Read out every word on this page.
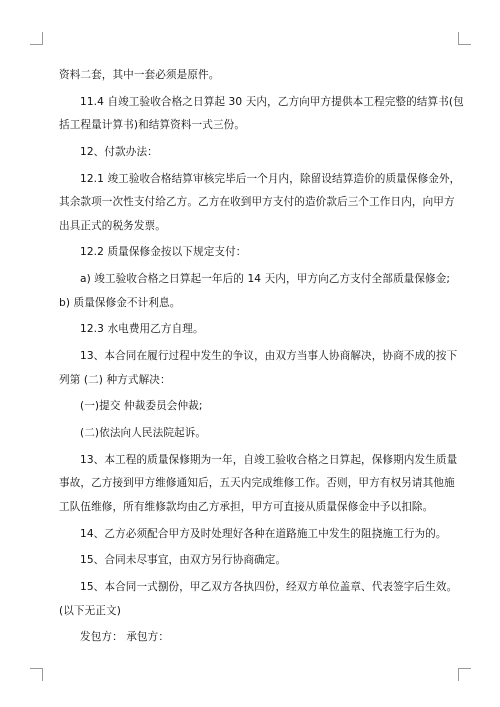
资料二套，其中一套必须是原件。
11.4 自竣工验收合格之日算起 30 天内，乙方向甲方提供本工程完整的结算书(包
括工程量计算书)和结算资料一式三份。
12、付款办法：
12.1 竣工验收合格结算审核完毕后一个月内，除留设结算造价的质量保修金外，
其余款项一次性支付给乙方。乙方在收到甲方支付的造价款后三个工作日内，向甲方
出具正式的税务发票。
12.2 质量保修金按以下规定支付：
a) 竣工验收合格之日算起一年后的 14 天内，甲方向乙方支付全部质量保修金;
b) 质量保修金不计利息。
12.3 水电费用乙方自理。
13、本合同在履行过程中发生的争议，由双方当事人协商解决，协商不成的按下
列第 (二) 种方式解决：
(一)提交 仲裁委员会仲裁;
(二)依法向人民法院起诉。
13、本工程的质量保修期为一年，自竣工验收合格之日算起，保修期内发生质量
事故，乙方接到甲方维修通知后，五天内完成维修工作。否则，甲方有权另请其他施
工队伍维修，所有维修款均由乙方承担，甲方可直接从质量保修金中予以扣除。
14、乙方必须配合甲方及时处理好各种在道路施工中发生的阻挠施工行为的。
15、合同未尽事宜，由双方另行协商确定。
15、本合同一式捌份，甲乙双方各执四份，经双方单位盖章、代表签字后生效。
(以下无正文)
发包方： 承包方：
